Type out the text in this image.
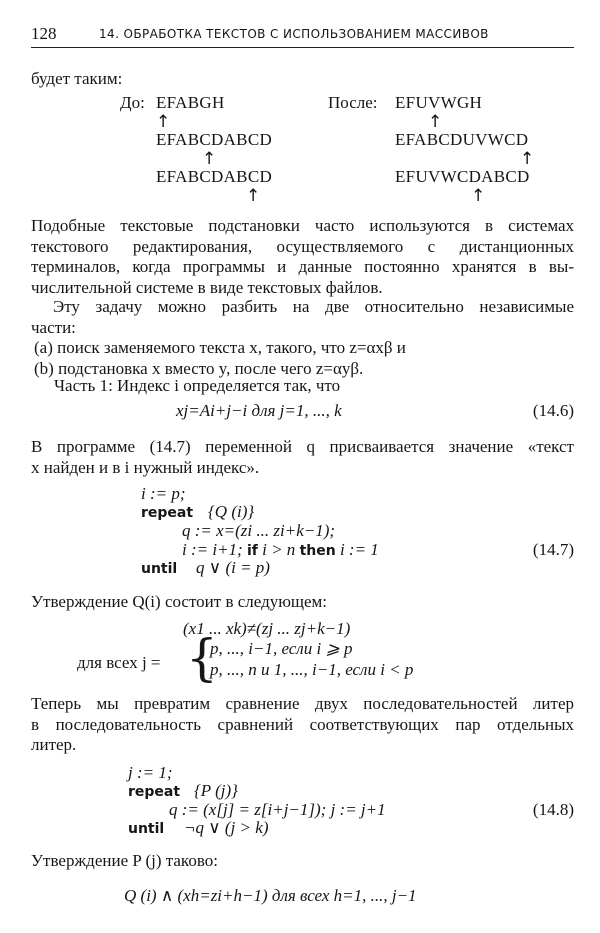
128	14. ОБРАБОТКА ТЕКСТОВ С ИСПОЛЬЗОВАНИЕМ МАССИВОВ
будет таким:
До: EFABGH
↑
EFABCDABCD
↑
EFABCDABCD
↑
После: EFUVWGH
↑
EFABCDUVWCD
↑
EFUVWCDABCD
↑
Подобные текстовые подстановки часто используются в системах
текстового редактирования, осуществляемого с дистанционных
терминалов, когда программы и данные постоянно хранятся в вы-
числительной системе в виде текстовых файлов.
Эту задачу можно разбить на две относительно независимые
части:
(a) поиск заменяемого текста x, такого, что z=αxβ и
(b) подстановка x вместо y, после чего z=αyβ.
Часть 1: Индекс i определяется так, что
xj=Ai+j−i для j=1, ..., k	(14.6)
В программе (14.7) переменной q присваивается значение «текст
x найден и в i нужный индекс».
i := p;
repeat {Q (i)}
q := x=(zi ... zi+k−1);
i := i+1; if i > n then i := 1	(14.7)
until q ∨ (i = p)
Утверждение Q(i) состоит в следующем:
(x1 ... xk)≠(zj ... zj+k−1)
для всех j = {
p, ..., i−1, если i ⩾ p
p, ..., n и 1, ..., i−1, если i < p
Теперь мы превратим сравнение двух последовательностей литер
в последовательность сравнений соответствующих пар отдельных
литер.
j := 1;
repeat {P (j)}
q := (x[j] = z[i+j−1]); j := j+1	(14.8)
until ¬q ∨ (j > k)
Утверждение P (j) таково:
Q (i) ∧ (xh=zi+h−1) для всех h=1, ..., j−1
